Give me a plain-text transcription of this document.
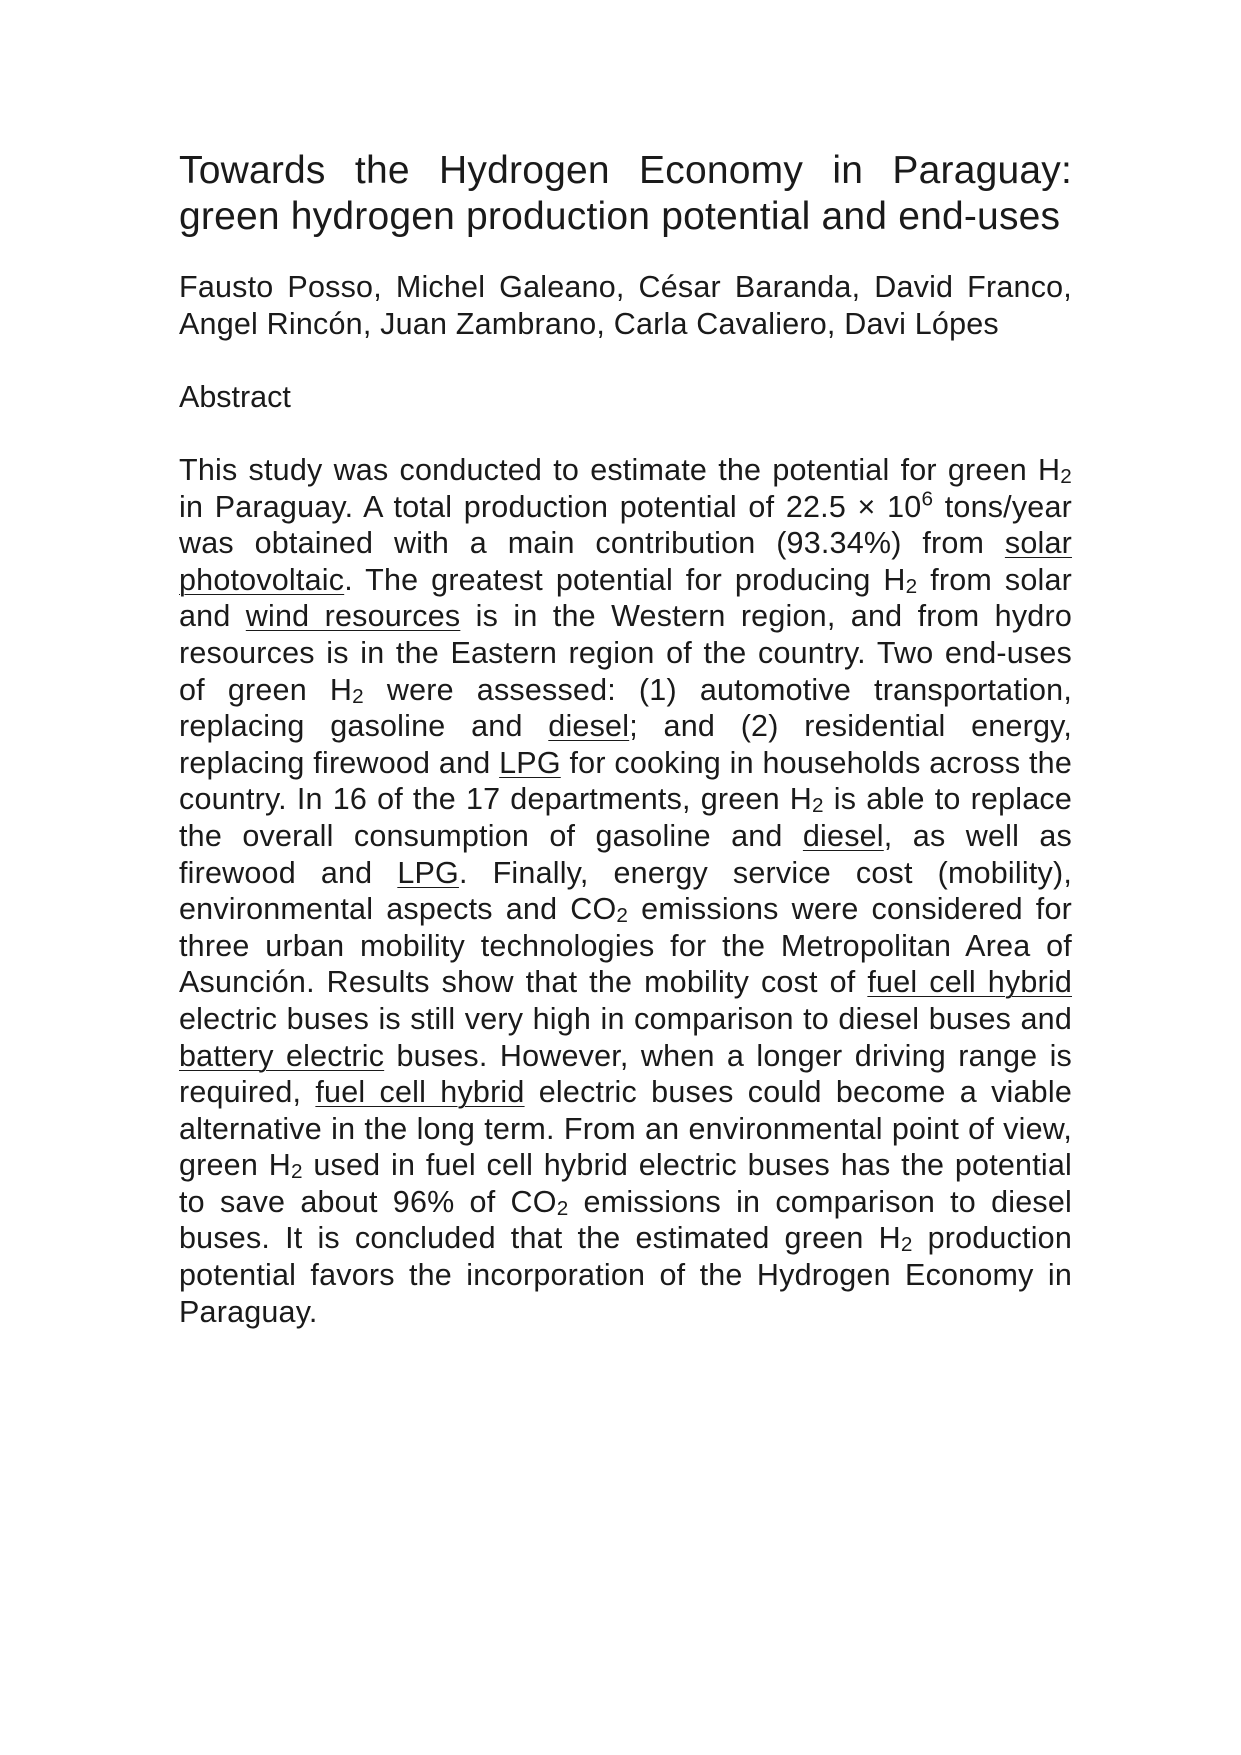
Towards the Hydrogen Economy in Paraguay: green hydrogen production potential and end-uses
Fausto Posso, Michel Galeano, César Baranda, David Franco, Angel Rincón, Juan Zambrano, Carla Cavaliero, Davi Lópes
Abstract

This study was conducted to estimate the potential for green H2 in Paraguay. A total production potential of $22.5 \times 10^6$ tons/year was obtained with a main contribution (93.34%) from solar photovoltaic. The greatest potential for producing H2 from solar and wind resources is in the Western region, and from hydro resources is in the Eastern region of the country. Two end-uses of green H2 were assessed: (1) automotive transportation, replacing gasoline and diesel; and (2) residential energy, replacing firewood and LPG for cooking in households across the country. In 16 of the 17 departments, green H2 is able to replace the overall consumption of gasoline and diesel, as well as firewood and LPG. Finally, energy service cost (mobility), environmental aspects and CO2 emissions were considered for three urban mobility technologies for the Metropolitan Area of Asunción. Results show that the mobility cost of fuel cell hybrid electric buses is still very high in comparison to diesel buses and battery electric buses. However, when a longer driving range is required, fuel cell hybrid electric buses could become a viable alternative in the long term. From an environmental point of view, green H2 used in fuel cell hybrid electric buses has the potential to save about 96% of CO2 emissions in comparison to diesel buses. It is concluded that the estimated green H2 production potential favors the incorporation of the Hydrogen Economy in Paraguay.
